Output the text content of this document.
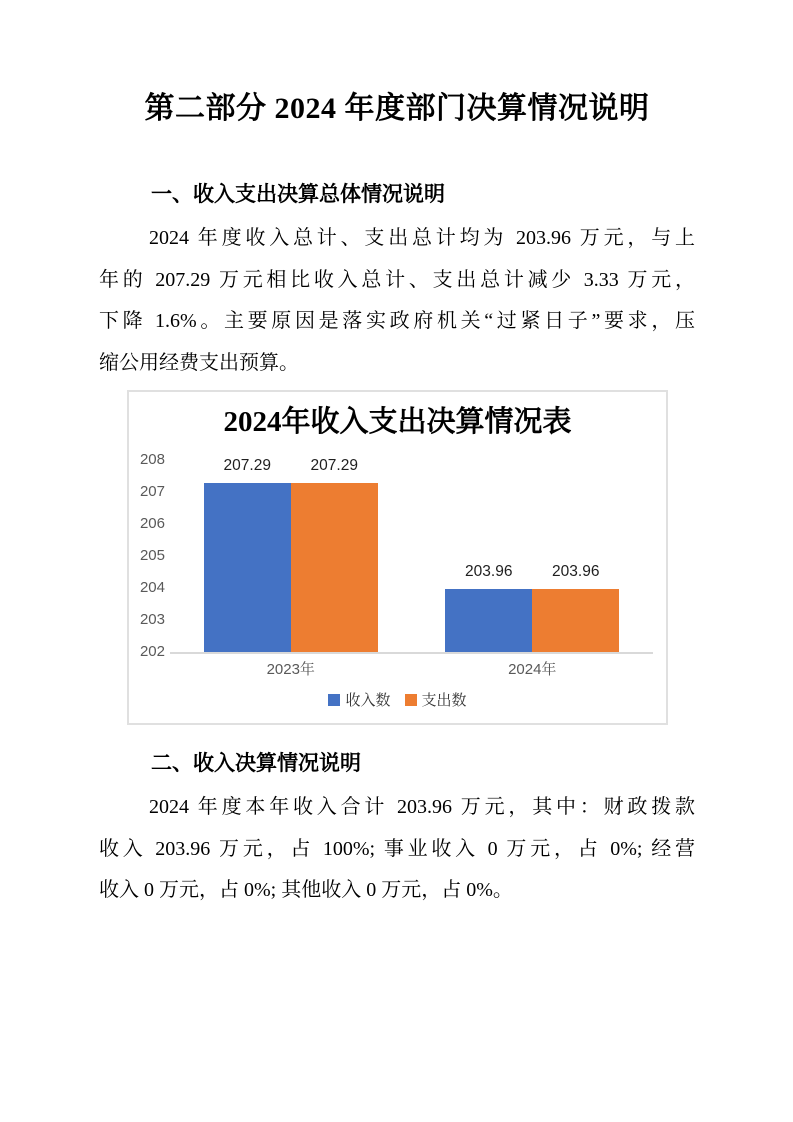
第二部分 2024 年度部门决算情况说明
一、收入支出决算总体情况说明
2024 年度收入总计、支出总计均为 203.96 万元，与上
年的 207.29 万元相比收入总计、支出总计减少 3.33 万元，
下降 1.6%。主要原因是落实政府机关“过紧日子”要求，压
缩公用经费支出预算。
2024年收入支出决算情况表
202
203
204
205
206
207
208	207.29	207.29
2023年
203.96	203.96
2024年
收入数 支出数
二、收入决算情况说明
2024 年度本年收入合计 203.96 万元，其中：财政拨款
收入 203.96 万元，占 100%; 事业收入 0 万元，占 0%; 经营
收入 0 万元，占 0%; 其他收入 0 万元，占 0%。
